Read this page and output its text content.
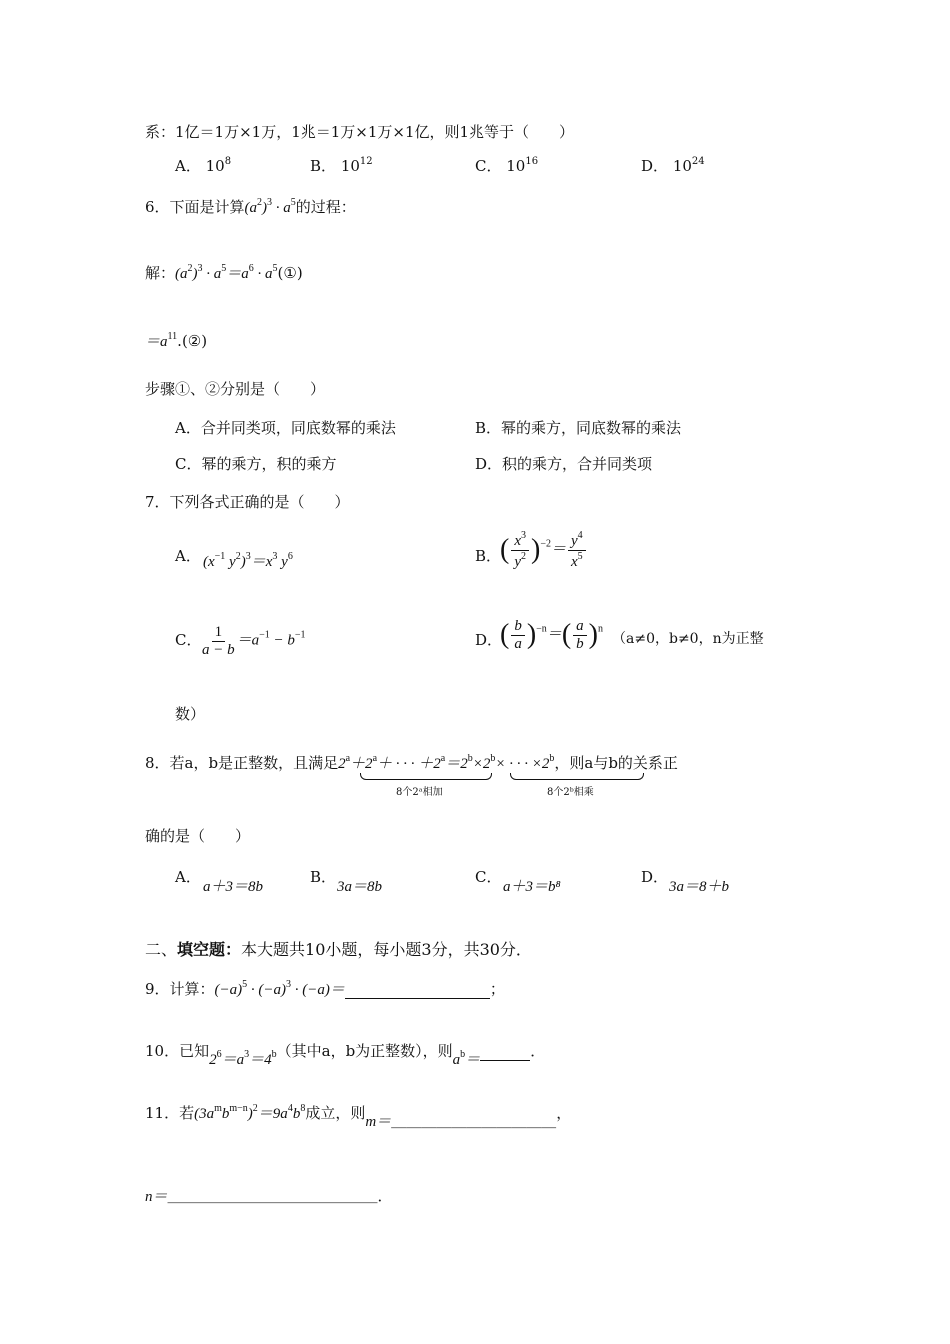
系：1亿＝1万×1万，1兆＝1万×1万×1亿，则1兆等于（　　）
A． $10^8$	B． $10^{12}$	C． $10^{16}$	D． $10^{24}$
6．下面是计算$(a^2)^3 \cdot a^5$的过程：
解：$(a^2)^3 \cdot a^5=a^6$ · $a^5(①)$
$=a^{11}.(②)$
步骤①、②分别是（　　）
A．合并同类项，同底数幂的乘法	B．幂的乘方，同底数幂的乘法
C．幂的乘方，积的乘方	D．积的乘方，合并同类项
7．下列各式正确的是（　　）
A． ($x^{-1}$ $y^2)^3=x^3$ $y^6$	B．
( $\frac{x^3}{y^2} )^{-2}= \frac{y^4}{x^5}$
C． $\frac{1}{a - b} =a^{-1} - b^{-1}$	D．
( $\frac{b}{a} )^{-n}=( \frac{a}{b} )^n$
（a≠0，b≠0，n为正整
数）
8．若a，b是正整数，且满足$2^a+2^a+$ · · · $+2^a=2^b\times 2^b\times$ · · · $\times 2^b$，则a与b的关系正
8个2ᵃ相加	8个2ᵇ相乘
确的是（　　）
A．
a＋3＝8b
B．
3a＝8b
C．
a＋3＝b⁸
D．
3a＝8＋b
二、填空题：本大题共10小题，每小题3分，共30分．
9．计算：$(-a)^5 \cdot (-a)^3 \cdot (-a)=$	；
10．已知$2^6=a^3=4^b$（其中a，b为正整数），则$a^b=$	．
11．若$(3a^mb^{m-n})^2=9a^4b^8$成立，则m＝＿＿＿＿＿＿＿＿＿＿＿，
n＝＿＿＿＿＿＿＿＿＿＿＿＿＿＿．
